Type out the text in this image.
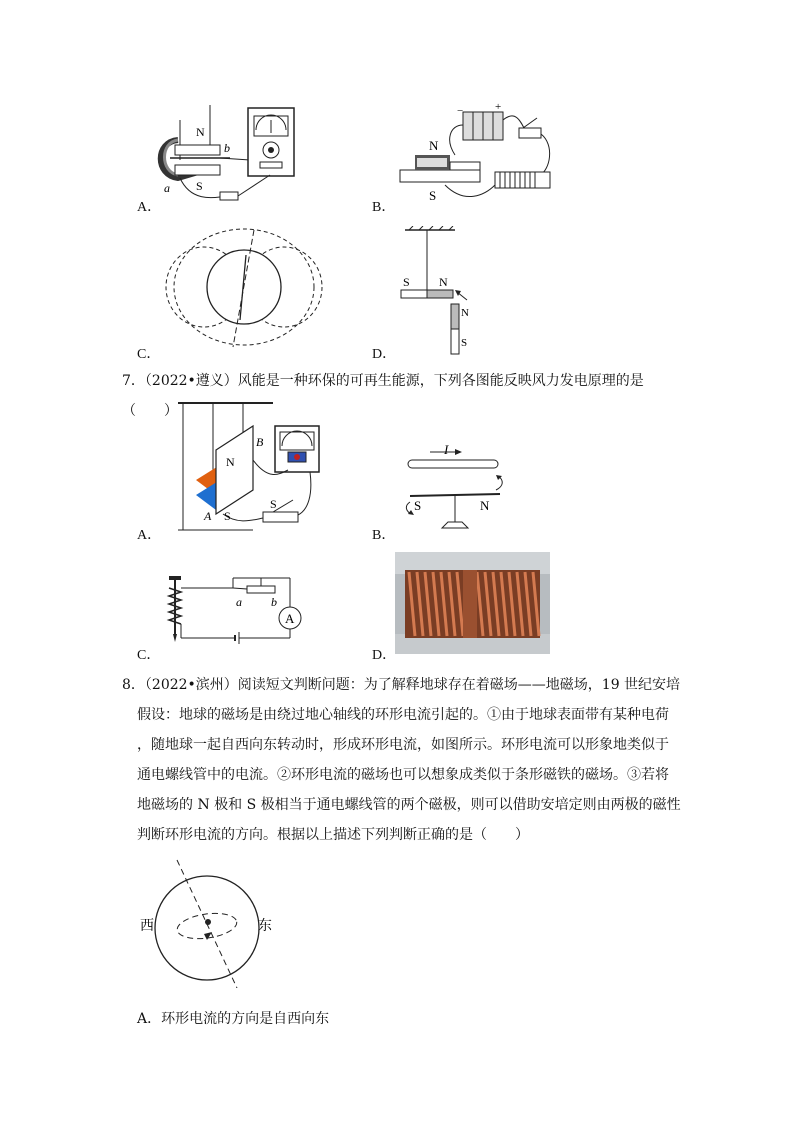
N
S
a
b
A．
N
S
−	+
B．
C．
S N
N
S
D．
7．（2022•遵义）风能是一种环保的可再生能源，下列各图能反映风力发电原理的是（　　）
N
S
A
B
S
A．
I
S	N
B．
a b
A
C．	D．
8．（2022•滨州）阅读短文判断问题：为了解释地球存在着磁场——地磁场，19 世纪安培
假设：地球的磁场是由绕过地心轴线的环形电流引起的。①由于地球表面带有某种电荷
，随地球一起自西向东转动时，形成环形电流，如图所示。环形电流可以形象地类似于
通电螺线管中的电流。②环形电流的磁场也可以想象成类似于条形磁铁的磁场。③若将
地磁场的 N 极和 S 极相当于通电螺线管的两个磁极，则可以借助安培定则由两极的磁性
判断环形电流的方向。根据以上描述下列判断正确的是（　　）
西	东
A．环形电流的方向是自西向东
